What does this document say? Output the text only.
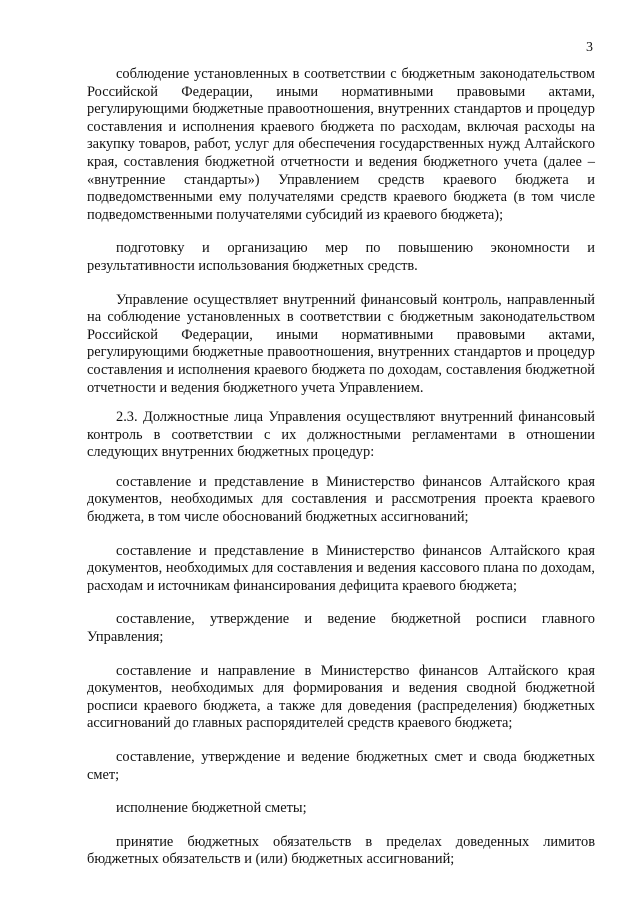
3

соблюдение установленных в соответствии с бюджетным законодательством Российской Федерации, иными нормативными правовыми актами, регулирующими бюджетные правоотношения, внутренних стандартов и процедур составления и исполнения краевого бюджета по расходам, включая расходы на закупку товаров, работ, услуг для обеспечения государственных нужд Алтайского края, составления бюджетной отчетности и ведения бюджетного учета (далее – «внутренние стандарты») Управлением средств краевого бюджета и подведомственными ему получателями средств краевого бюджета (в том числе подведомственными получателями субсидий из краевого бюджета);

подготовку и организацию мер по повышению экономности и результативности использования бюджетных средств.

Управление осуществляет внутренний финансовый контроль, направленный на соблюдение установленных в соответствии с бюджетным законодательством Российской Федерации, иными нормативными правовыми актами, регулирующими бюджетные правоотношения, внутренних стандартов и процедур составления и исполнения краевого бюджета по доходам, составления бюджетной отчетности и ведения бюджетного учета Управлением.

2.3. Должностные лица Управления осуществляют внутренний финансовый контроль в соответствии с их должностными регламентами в отношении следующих внутренних бюджетных процедур:

составление и представление в Министерство финансов Алтайского края документов, необходимых для составления и рассмотрения проекта краевого бюджета, в том числе обоснований бюджетных ассигнований;

составление и представление в Министерство финансов Алтайского края документов, необходимых для составления и ведения кассового плана по доходам, расходам и источникам финансирования дефицита краевого бюджета;

составление, утверждение и ведение бюджетной росписи главного Управления;

составление и направление в Министерство финансов Алтайского края документов, необходимых для формирования и ведения сводной бюджетной росписи краевого бюджета, а также для доведения (распределения) бюджетных ассигнований до главных распорядителей средств краевого бюджета;

составление, утверждение и ведение бюджетных смет и свода бюджетных смет;

исполнение бюджетной сметы;

принятие бюджетных обязательств в пределах доведенных лимитов бюджетных обязательств и (или) бюджетных ассигнований;
